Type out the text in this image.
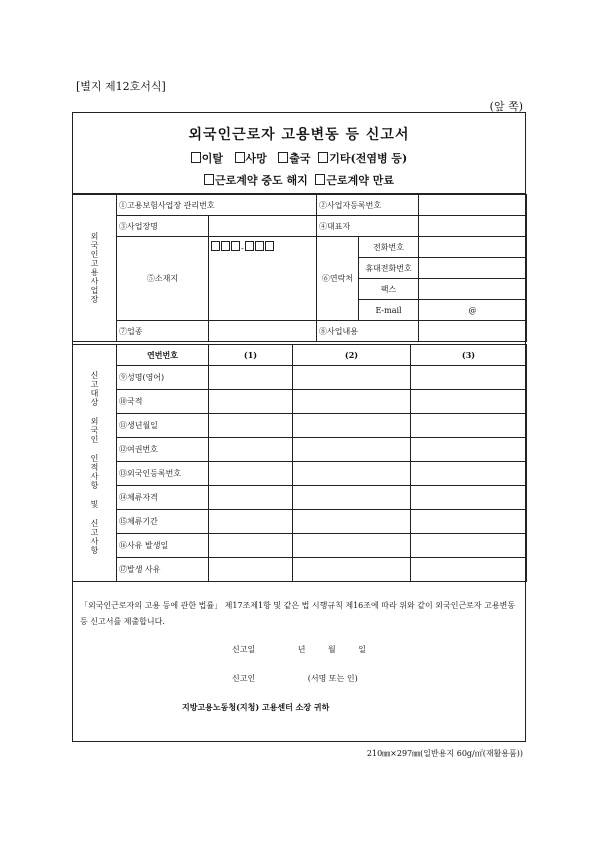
[별지 제12호서식]
(앞 쪽)
외국인근로자 고용변동 등 신고서
이탈 사망 출국 기타(전염병 등)
근로계약 중도 해지 근로계약 만료
외국인고용사업장	①고용보험사업장 관리번호		②사업자등록번호		
	③사업장명		④대표자		
	⑤소재지	-	⑥연락처	전화번호	
				휴대전화번호	
				팩스	
				E-mail	@
	⑦업종		⑧사업내용		
신고대상 외국인 인적사항 및 신고사항	연번번호	(1)	(2)	(3)
	⑨성명(영어)			
	⑩국적			
	⑪생년월일			
	⑫여권번호			
	⑬외국인등록번호			
	⑭체류자격			
	⑮체류기간			
	⑯사유 발생일			
	⑰발생 사유			
「외국인근로자의 고용 등에 관한 법률」 제17조제1항 및 같은 법 시행규칙 제16조에 따라 위와 같이 외국인근로자 고용변동 등 신고서를 제출합니다.
신고일	년	월	일
신고인	(서명 또는 인)
지방고용노동청(지청) 고용센터 소장 귀하
210㎜×297㎜(일반용지 60g/㎡(재활용품))
